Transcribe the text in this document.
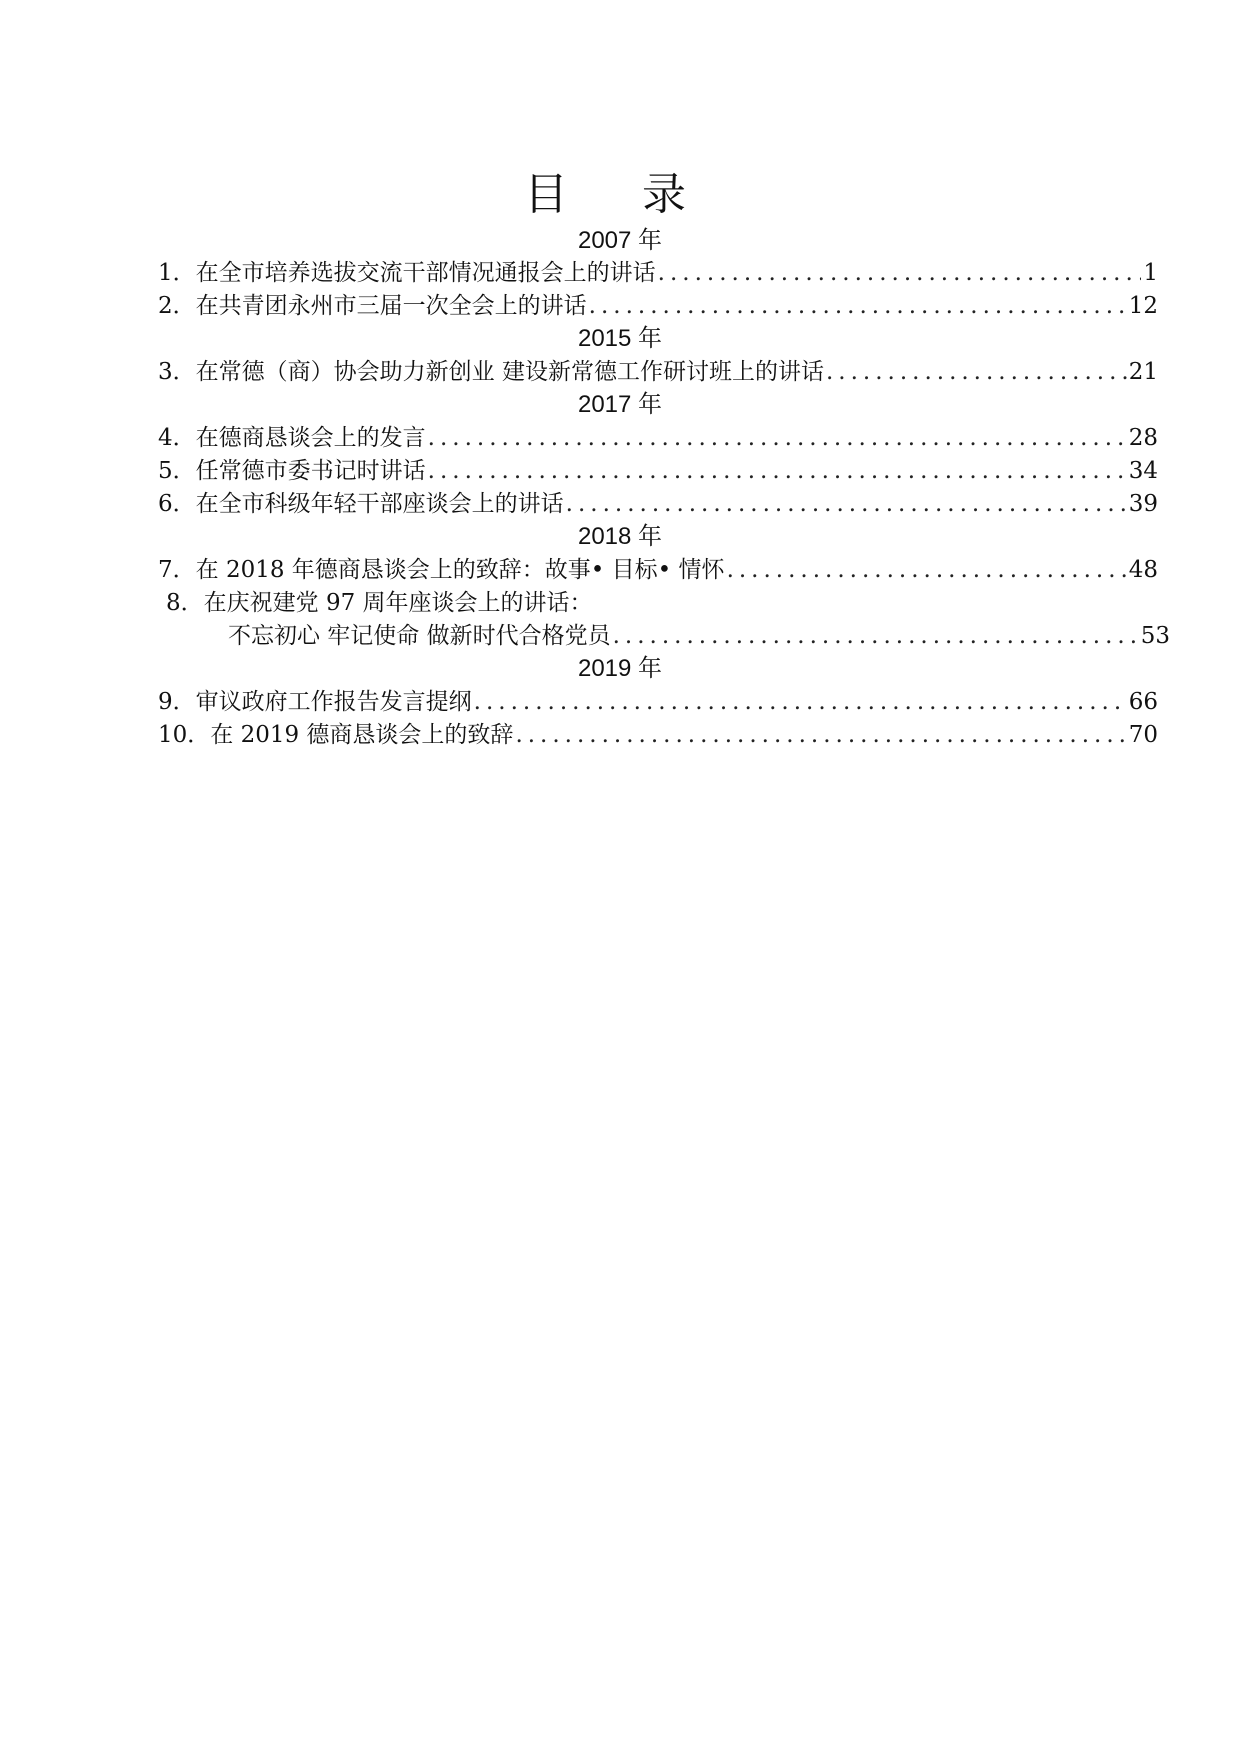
目 录
2007 年
1． 在全市培养选拔交流干部情况通报会上的讲话 .....	1
2． 在共青团永州市三届一次全会上的讲话 .....	12
2015 年
3． 在常德（商）协会助力新创业 建设新常德工作研讨班上的讲话 .....	21
2017 年
4． 在德商恳谈会上的发言 .....	28
5． 任常德市委书记时讲话 .....	34
6． 在全市科级年轻干部座谈会上的讲话 .....	39
2018 年
7． 在 2018 年德商恳谈会上的致辞：故事• 目标• 情怀 .....	48
8．在庆祝建党 97 周年座谈会上的讲话：
不忘初心 牢记使命 做新时代合格党员 .....	53
2019 年
9． 审议政府工作报告发言提纲 .....	66
10． 在 2019 德商恳谈会上的致辞 .....	70
